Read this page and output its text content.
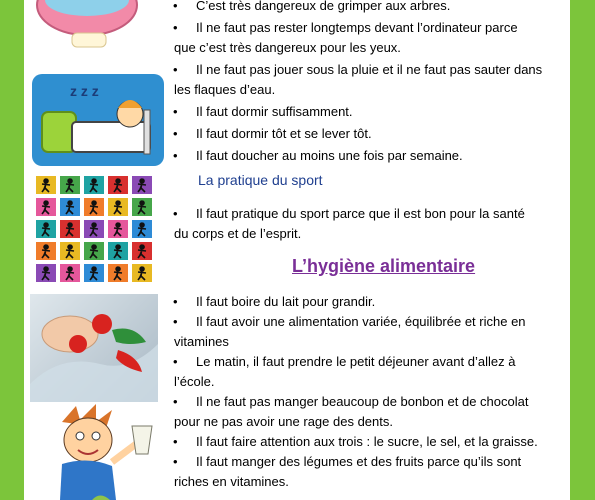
z z z
• C’est très dangereux de grimper aux arbres.
• Il ne faut pas rester longtemps devant l’ordinateur parce
que c’est très dangereux pour les yeux.
• Il ne faut pas jouer sous la pluie et il ne faut pas sauter dans
les flaques d’eau.
• Il faut dormir suffisamment.
• Il faut dormir tôt et se lever tôt.
• Il faut doucher au moins une fois par semaine.
La pratique du sport
• Il faut pratique du sport parce que il est bon pour la santé
du corps et de l’esprit.
L’hygiène alimentaire
• Il faut boire du lait pour grandir.
• Il faut avoir une alimentation variée, équilibrée et riche en
vitamines
• Le matin, il faut prendre le petit déjeuner avant d’allez à
l’école.
• Il ne faut pas manger beaucoup de bonbon et de chocolat
pour ne pas avoir une rage des dents.
• Il faut faire attention aux trois : le sucre, le sel, et la graisse.
• Il faut manger des légumes et des fruits parce qu’ils sont
riches en vitamines.
